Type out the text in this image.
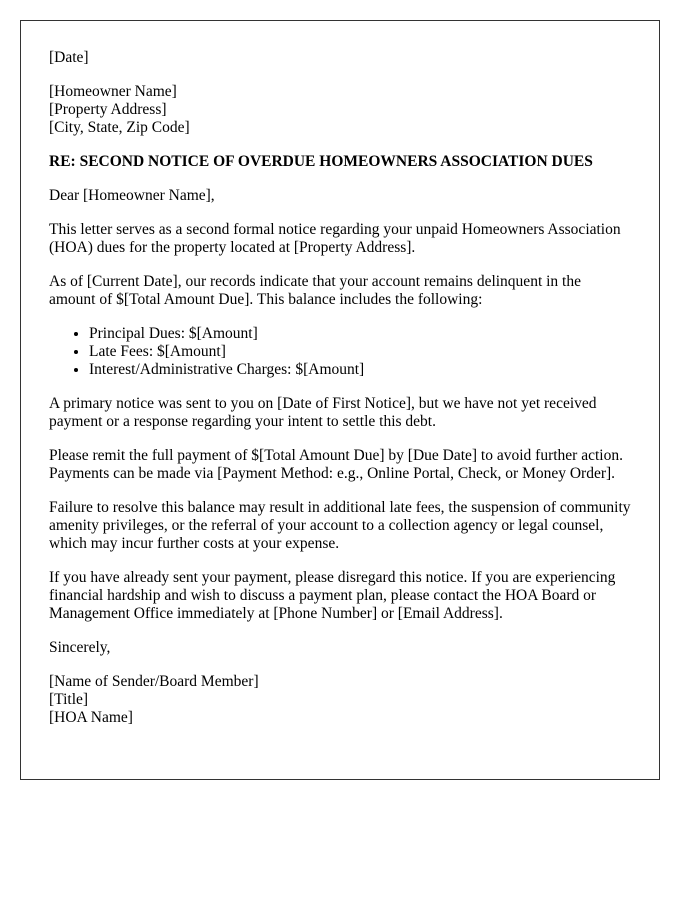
[Date]

[Homeowner Name]
[Property Address]
[City, State, Zip Code]

RE: SECOND NOTICE OF OVERDUE HOMEOWNERS ASSOCIATION DUES

Dear [Homeowner Name],

This letter serves as a second formal notice regarding your unpaid Homeowners Association (HOA) dues for the property located at [Property Address].

As of [Current Date], our records indicate that your account remains delinquent in the amount of $[Total Amount Due]. This balance includes the following:

• Principal Dues: $[Amount]
• Late Fees: $[Amount]
• Interest/Administrative Charges: $[Amount]

A primary notice was sent to you on [Date of First Notice], but we have not yet received payment or a response regarding your intent to settle this debt.

Please remit the full payment of $[Total Amount Due] by [Due Date] to avoid further action. Payments can be made via [Payment Method: e.g., Online Portal, Check, or Money Order].

Failure to resolve this balance may result in additional late fees, the suspension of community amenity privileges, or the referral of your account to a collection agency or legal counsel, which may incur further costs at your expense.

If you have already sent your payment, please disregard this notice. If you are experiencing financial hardship and wish to discuss a payment plan, please contact the HOA Board or Management Office immediately at [Phone Number] or [Email Address].

Sincerely,

[Name of Sender/Board Member]
[Title]
[HOA Name]
